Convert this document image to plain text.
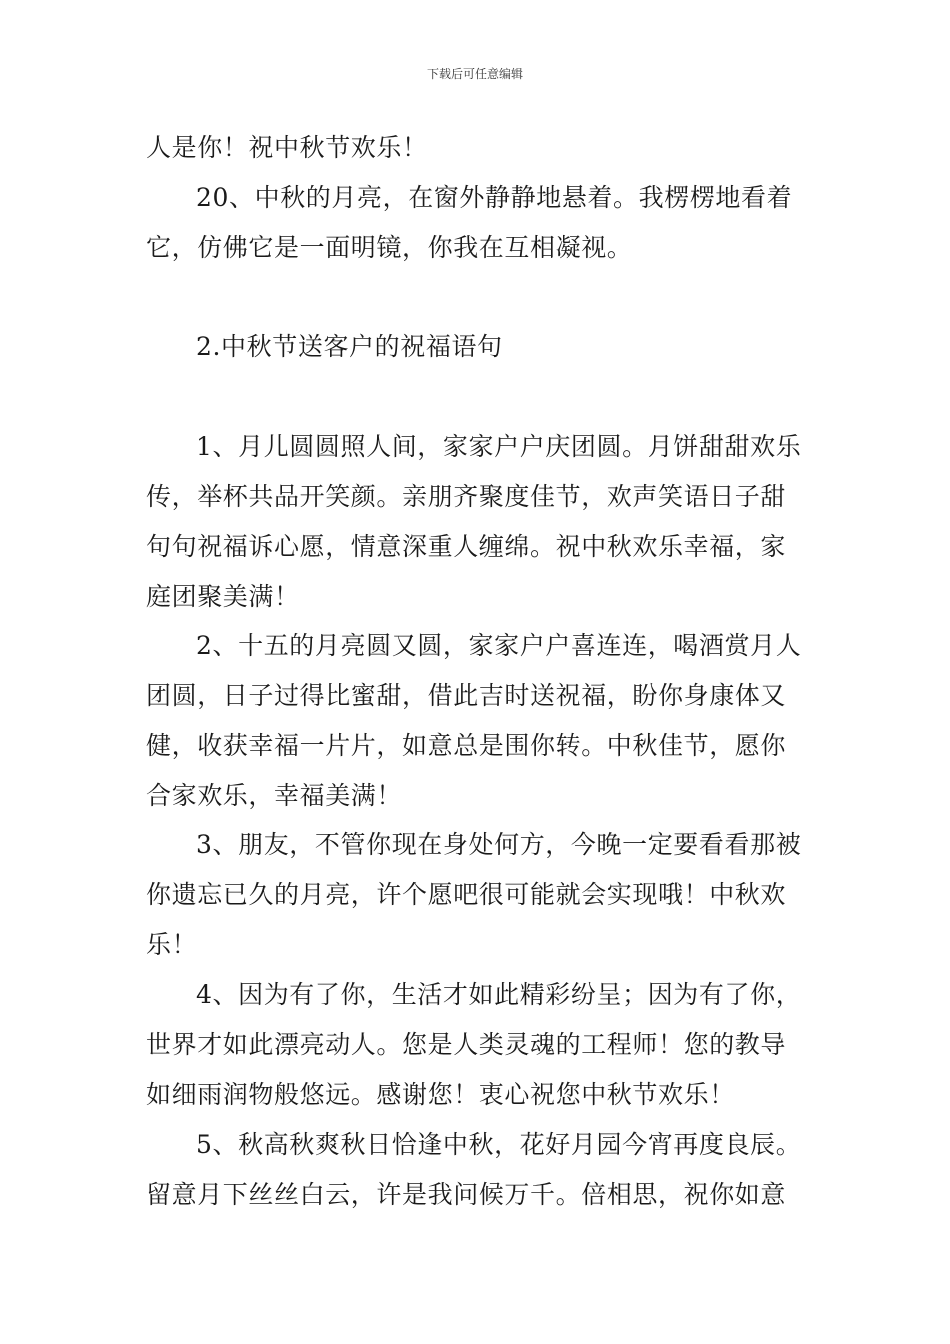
下载后可任意编辑
人是你！祝中秋节欢乐！
20、中秋的月亮，在窗外静静地悬着。我楞楞地看着
它，仿佛它是一面明镜，你我在互相凝视。
2.中秋节送客户的祝福语句
1、月儿圆圆照人间，家家户户庆团圆。月饼甜甜欢乐
传，举杯共品开笑颜。亲朋齐聚度佳节，欢声笑语日子甜
句句祝福诉心愿，情意深重人缠绵。祝中秋欢乐幸福，家
庭团聚美满！
2、十五的月亮圆又圆，家家户户喜连连，喝酒赏月人
团圆，日子过得比蜜甜，借此吉时送祝福，盼你身康体又
健，收获幸福一片片，如意总是围你转。中秋佳节，愿你
合家欢乐，幸福美满！
3、朋友，不管你现在身处何方，今晚一定要看看那被
你遗忘已久的月亮，许个愿吧很可能就会实现哦！中秋欢
乐！
4、因为有了你，生活才如此精彩纷呈；因为有了你，
世界才如此漂亮动人。您是人类灵魂的工程师！您的教导
如细雨润物般悠远。感谢您！衷心祝您中秋节欢乐！
5、秋高秋爽秋日恰逢中秋，花好月园今宵再度良辰。
留意月下丝丝白云，许是我问候万千。倍相思，祝你如意
